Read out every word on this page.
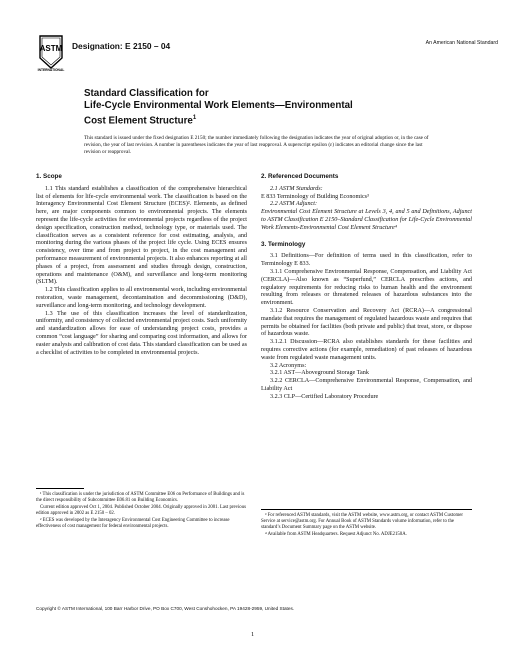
ASTM
INTERNATIONAL
Designation: E 2150 – 04	An American National Standard
Standard Classification for
Life-Cycle Environmental Work Elements—Environmental
Cost Element Structure$^1$
This standard is issued under the fixed designation E 2150; the number immediately following the designation indicates the year of original adoption or, in the case of revision, the year of last revision. A number in parentheses indicates the year of last reapproval. A superscript epsilon (ε) indicates an editorial change since the last revision or reapproval.
1. Scope

1.1 This standard establishes a classification of the comprehensive hierarchical list of elements for life-cycle environmental work. The classification is based on the Interagency Environmental Cost Element Structure (ECES)². Elements, as defined here, are major components common to environmental projects. The elements represent the life-cycle activities for environmental projects regardless of the project design specification, construction method, technology type, or materials used. The classification serves as a consistent reference for cost estimating, analysis, and monitoring during the various phases of the project life cycle. Using ECES ensures consistency, over time and from project to project, in the cost management and performance measurement of environmental projects. It also enhances reporting at all phases of a project, from assessment and studies through design, construction, operations and maintenance (O&M), and surveillance and long-term monitoring (SLTM).

1.2 This classification applies to all environmental work, including environmental restoration, waste management, decontamination and decommissioning (D&D), surveillance and long-term monitoring, and technology development.

1.3 The use of this classification increases the level of standardization, uniformity, and consistency of collected environmental project costs. Such uniformity and standardization allows for ease of understanding project costs, provides a common “cost language” for sharing and comparing cost information, and allows for easier analysis and calibration of cost data. This standard classification can be used as a checklist of activities to be completed in environmental projects.

¹ This classification is under the jurisdiction of ASTM Committee E06 on Performance of Buildings and is the direct responsibility of Subcommittee E06.81 on Building Economics.

Current edition approved Oct 1, 2004. Published October 2004. Originally approved in 2001. Last previous edition approved in 2002 as E 2150 – 02.

² ECES was developed by the Interagency Environmental Cost Engineering Committee to increase effectiveness of cost management for federal environmental projects.

2. Referenced Documents

2.1 ASTM Standards:

E 833 Terminology of Building Economics³

2.2 ASTM Adjunct:

Environmental Cost Element Structure at Levels 3, 4, and 5 and Definitions, Adjunct to ASTM Classification E 2150–Standard Classification for Life-Cycle Environmental Work Elements-Environmental Cost Element Structure⁴

3. Terminology

3.1 Definitions—For definition of terms used in this classification, refer to Terminology E 833.

3.1.1 Comprehensive Environmental Response, Compensation, and Liability Act (CERCLA)—Also known as “Superfund,” CERCLA prescribes actions, and regulatory requirements for reducing risks to human health and the environment resulting from releases or threatened releases of hazardous substances into the environment.

3.1.2 Resource Conservation and Recovery Act (RCRA)—A congressional mandate that requires the management of regulated hazardous waste and requires that permits be obtained for facilities (both private and public) that treat, store, or dispose of hazardous waste.

3.1.2.1 Discussion—RCRA also establishes standards for these facilities and requires corrective actions (for example, remediation) of past releases of hazardous waste from regulated waste management units.

3.2 Acronyms:

3.2.1 AST—Aboveground Storage Tank

3.2.2 CERCLA—Comprehensive Environmental Response, Compensation, and Liability Act

3.2.3 CLP—Certified Laboratory Procedure

³ For referenced ASTM standards, visit the ASTM website, www.astm.org, or contact ASTM Customer Service at service@astm.org. For Annual Book of ASTM Standards volume information, refer to the standard’s Document Summary page on the ASTM website.

⁴ Available from ASTM Headquarters. Request Adjunct No. ADJE2150A.

Copyright © ASTM International, 100 Barr Harbor Drive, PO Box C700, West Conshohocken, PA 19428-2959, United States.
1
